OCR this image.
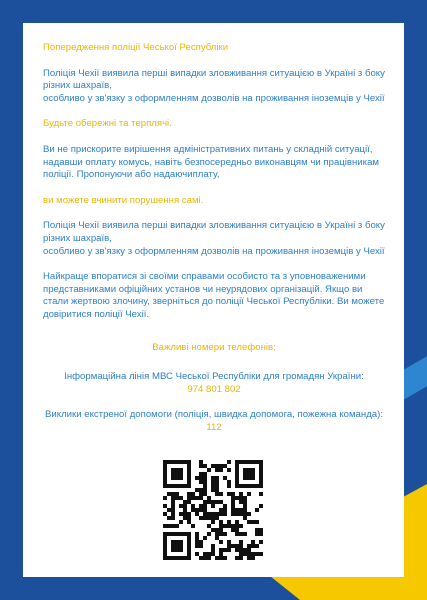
Попередження поліції Чеської Республіки

Поліція Чехії виявила перші випадки зловживання ситуацією в Україні з боку різних шахраїв,

особливо у зв'язку з оформленням дозволів на проживання іноземців у Чехії

Будьте обережні та терплячі.

Ви не прискорите вирішення адміністративних питань у складній ситуації, надавши оплату комусь, навіть безпосередньо виконавцям чи працівникам поліції. Пропонуючи або надаючиплату,

ви можете вчинити порушення самі.

Поліція Чехії виявила перші випадки зловживання ситуацією в Україні з боку різних шахраїв,

особливо у зв'язку з оформленням дозволів на проживання іноземців у Чехії

Найкраще впоратися зі своїми справами особисто та з уповноваженими представниками офіційних установ чи неурядових організацій. Якщо ви стали жертвою злочину, зверніться до поліції Чеської Республіки. Ви можете довіритися поліції Чехії.

Важливі номери телефонів:

Інформаційна лінія МВС Чеської Республіки для громадян України:

974 801 802

Виклики екстреної допомоги (поліція, швидка допомога, пожежна команда):

112
